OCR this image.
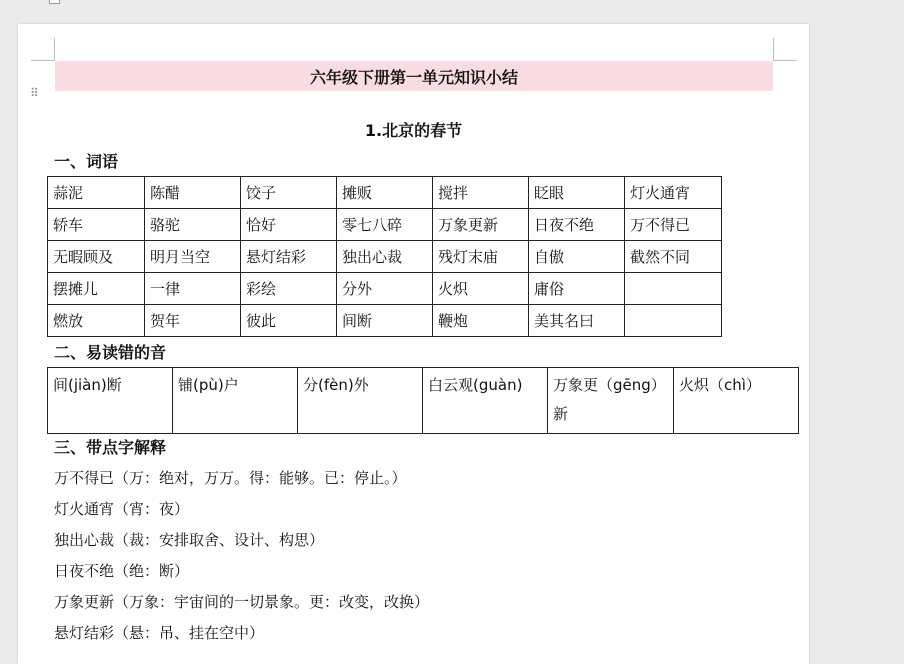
⠿
六年级下册第一单元知识小结
1.北京的春节
一、词语
蒜泥	陈醋	饺子	摊贩	搅拌	眨眼	灯火通宵
轿车	骆驼	恰好	零七八碎	万象更新	日夜不绝	万不得已
无暇顾及	明月当空	悬灯结彩	独出心裁	残灯末庙	自傲	截然不同
摆摊儿	一律	彩绘	分外	火炽	庸俗	
燃放	贺年	彼此	间断	鞭炮	美其名曰	
二、易读错的音
间(jiàn)断	铺(pù)户	分(fèn)外	白云观(guàn)	万象更（gēng）新	火炽（chì）
三、带点字解释
万不得已（万：绝对，万万。得：能够。已：停止。）
灯火通宵（宵：夜）
独出心裁（裁：安排取舍、设计、构思）
日夜不绝（绝：断）
万象更新（万象：宇宙间的一切景象。更：改变，改换）
悬灯结彩（悬：吊、挂在空中）
